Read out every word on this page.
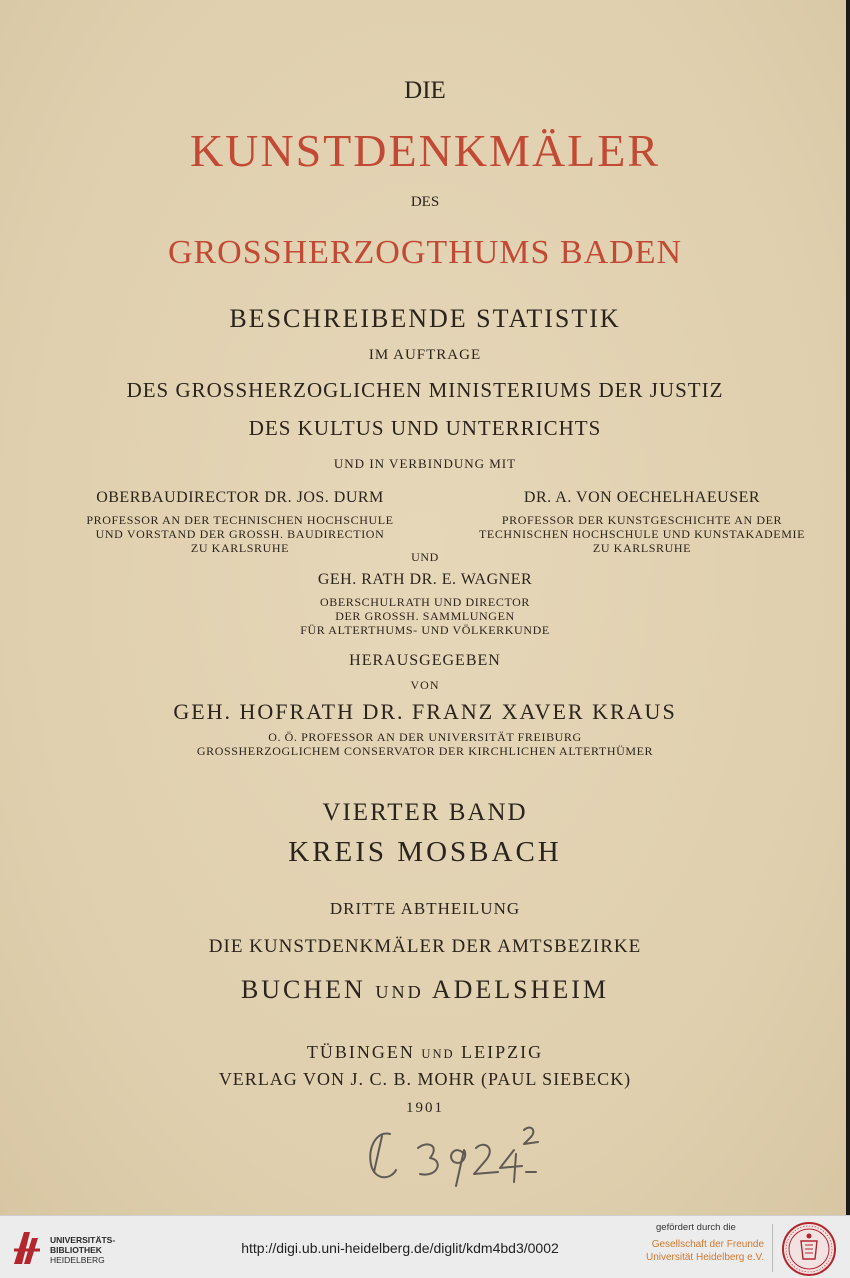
DIE
KUNSTDENKMÄLER
DES
GROSSHERZOGTHUMS BADEN
BESCHREIBENDE STATISTIK
IM AUFTRAGE
DES GROSSHERZOGLICHEN MINISTERIUMS DER JUSTIZ
DES KULTUS UND UNTERRICHTS
UND IN VERBINDUNG MIT
OBERBAUDIRECTOR DR. JOS. DURM
PROFESSOR AN DER TECHNISCHEN HOCHSCHULE
UND VORSTAND DER GROSSH. BAUDIRECTION
ZU KARLSRUHE
DR. A. VON OECHELHAEUSER
PROFESSOR DER KUNSTGESCHICHTE AN DER
TECHNISCHEN HOCHSCHULE UND KUNSTAKADEMIE
ZU KARLSRUHE
UND
GEH. RATH DR. E. WAGNER
OBERSCHULRATH UND DIRECTOR
DER GROSSH. SAMMLUNGEN
FÜR ALTERTHUMS- UND VÖLKERKUNDE
HERAUSGEGEBEN
VON
GEH. HOFRATH DR. FRANZ XAVER KRAUS
O. Ö. PROFESSOR AN DER UNIVERSITÄT FREIBURG
GROSSHERZOGLICHEM CONSERVATOR DER KIRCHLICHEN ALTERTHÜMER
VIERTER BAND
KREIS MOSBACH
DRITTE ABTHEILUNG
DIE KUNSTDENKMÄLER DER AMTSBEZIRKE
BUCHEN UND ADELSHEIM
TÜBINGEN UND LEIPZIG
VERLAG VON J. C. B. MOHR (PAUL SIEBECK)
1901
UNIVERSITÄTS-
BIBLIOTHEK
HEIDELBERG
http://digi.ub.uni-heidelberg.de/diglit/kdm4bd3/0002
gefördert durch die
Gesellschaft der Freunde
Universität Heidelberg e.V.
